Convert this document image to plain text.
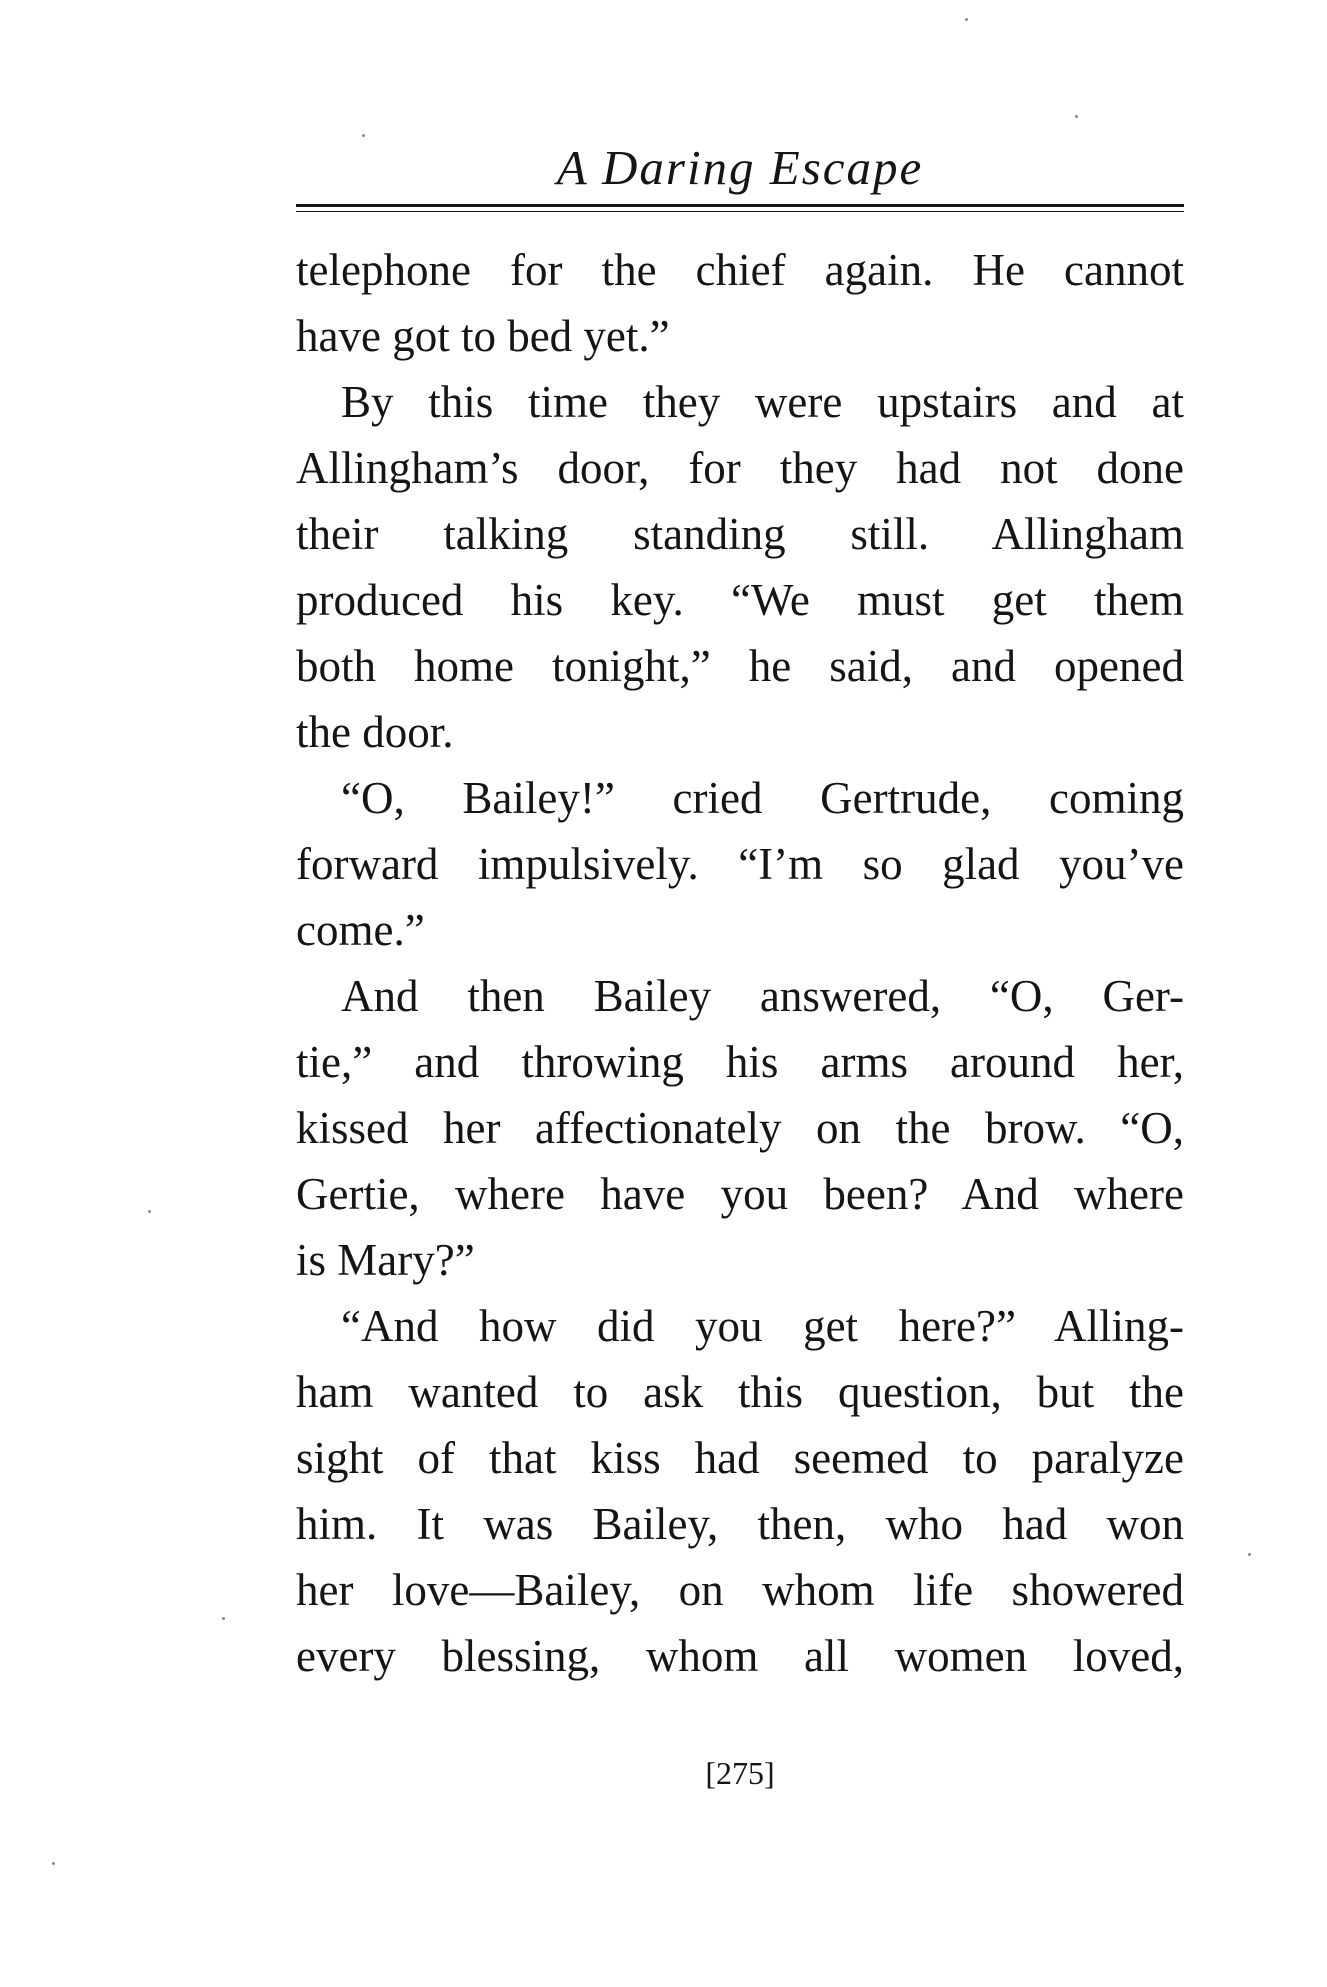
A Daring Escape
telephone for the chief again. He cannot
have got to bed yet.”
By this time they were upstairs and at
Allingham’s door, for they had not done
their talking standing still. Allingham
produced his key. “We must get them
both home tonight,” he said, and opened
the door.
“O, Bailey!” cried Gertrude, coming
forward impulsively. “I’m so glad you’ve
come.”
And then Bailey answered, “O, Ger-
tie,” and throwing his arms around her,
kissed her affectionately on the brow. “O,
Gertie, where have you been? And where
is Mary?”
“And how did you get here?” Alling-
ham wanted to ask this question, but the
sight of that kiss had seemed to paralyze
him. It was Bailey, then, who had won
her love—Bailey, on whom life showered
every blessing, whom all women loved,
[275]
